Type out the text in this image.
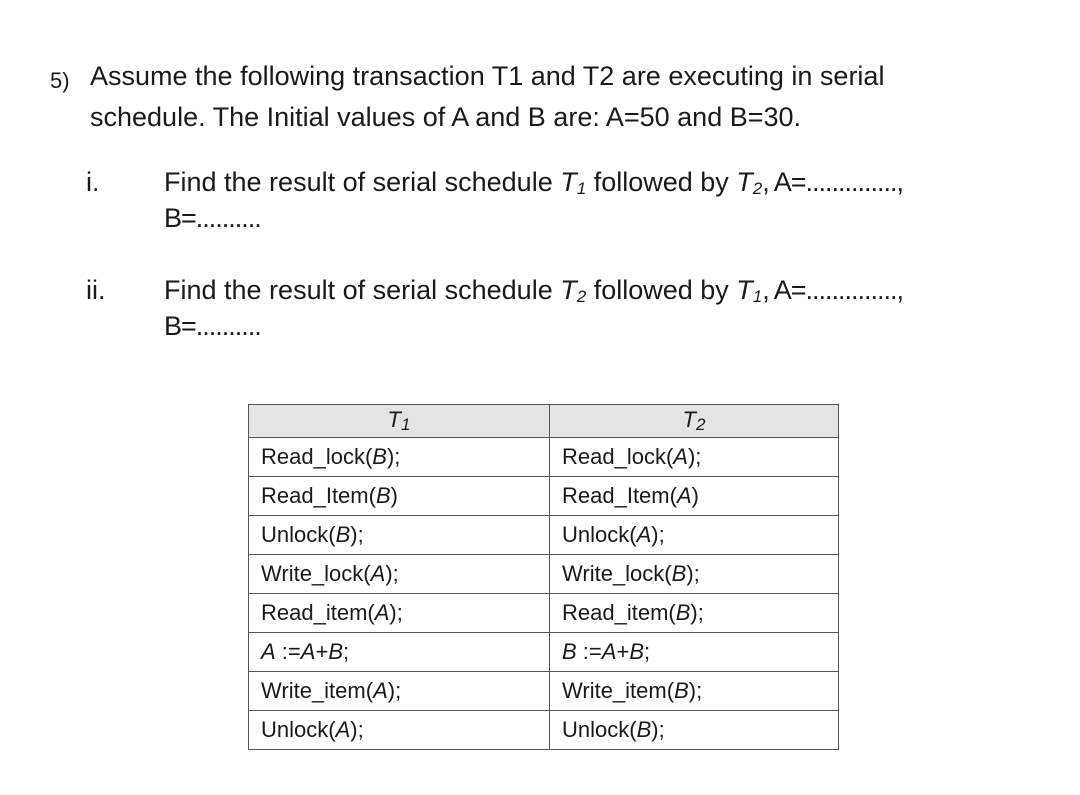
5) Assume the following transaction T1 and T2 are executing in serial
schedule. The Initial values of A and B are: A=50 and B=30.
i. Find the result of serial schedule $T_1$ followed by $T_2$, A=..............,
B=..........
ii. Find the result of serial schedule $T_2$ followed by $T_1$, A=..............,
B=..........
$T_1$	$T_2$
Read_lock(B);	Read_lock(A);
Read_Item(B)	Read_Item(A)
Unlock(B);	Unlock(A);
Write_lock(A);	Write_lock(B);
Read_item(A);	Read_item(B);
A :=A+B;	B :=A+B;
Write_item(A);	Write_item(B);
Unlock(A);	Unlock(B);
